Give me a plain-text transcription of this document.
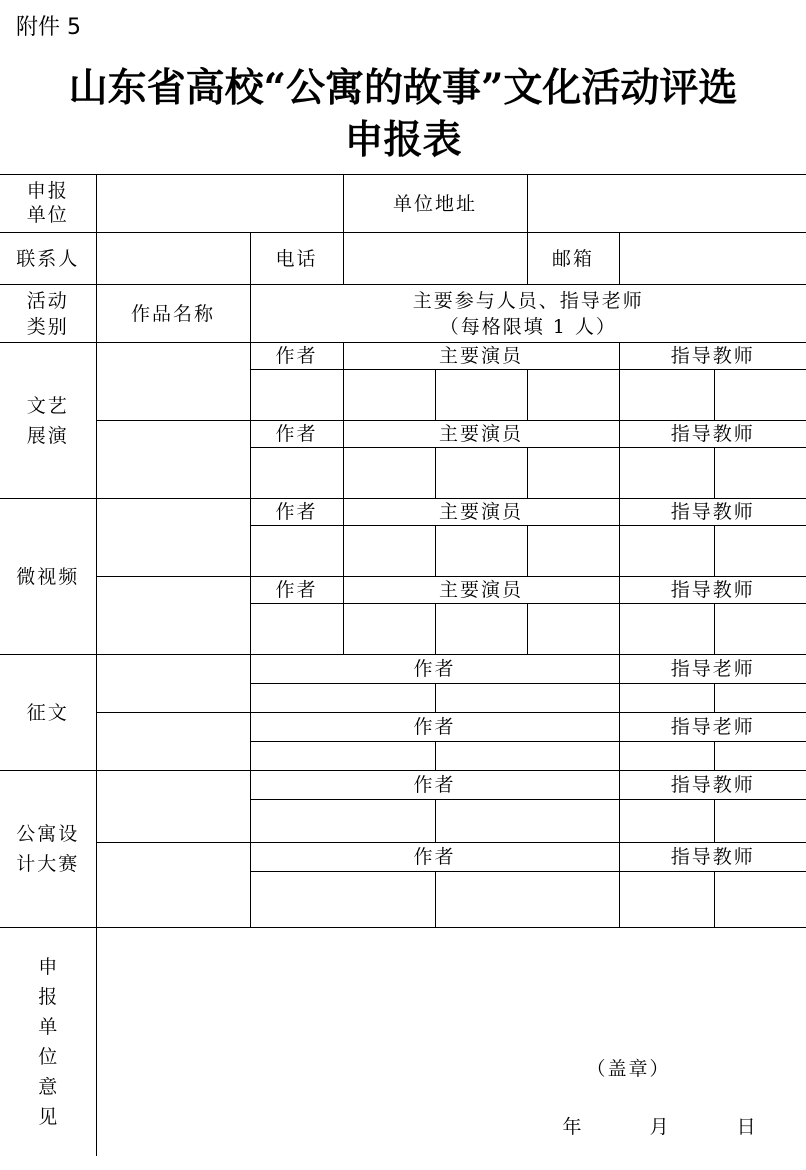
附件 5
山东省高校“公寓的故事”文化活动评选
申报表
申报单位			单位地址				
联系人		电话			邮箱		
活动类别	作品名称	主要参与人员、指导老师
（每格限填 1 人）					

文艺展演		作者	主要演员			指导教师	

		作者	主要演员			指导教师	

微视频		作者	主要演员			指导教师	

		作者	主要演员			指导教师	

征文		作者				指导老师	

		作者				指导老师	

公寓设计大赛		作者				指导教师	

		作者				指导教师	

申报单位意见	（盖章）
年 月 日						
